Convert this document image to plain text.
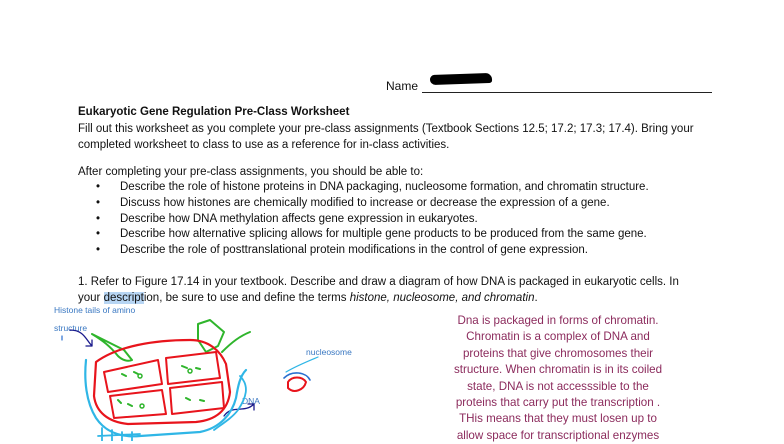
Name
Eukaryotic Gene Regulation Pre-Class Worksheet
Fill out this worksheet as you complete your pre-class assignments (Textbook Sections 12.5; 17.2; 17.3; 17.4). Bring your
completed worksheet to class to use as a reference for in-class activities.
After completing your pre-class assignments, you should be able to:
• Describe the role of histone proteins in DNA packaging, nucleosome formation, and chromatin structure.
• Discuss how histones are chemically modified to increase or decrease the expression of a gene.
• Describe how DNA methylation affects gene expression in eukaryotes.
• Describe how alternative splicing allows for multiple gene products to be produced from the same gene.
• Describe the role of posttranslational protein modifications in the control of gene expression.
1. Refer to Figure 17.14 in your textbook. Describe and draw a diagram of how DNA is packaged in eukaryotic cells. In
your description, be sure to use and define the terms histone, nucleosome, and chromatin.
Histone tails of amino
structure
nucleosome
DNA
Dna is packaged in forms of chromatin.
Chromatin is a complex of DNA and
proteins that give chromosomes their
structure. When chromatin is in its coiled
state, DNA is not accesssible to the
proteins that carry put the transcription .
THis means that they must losen up to
allow space for transcriptional enzymes
